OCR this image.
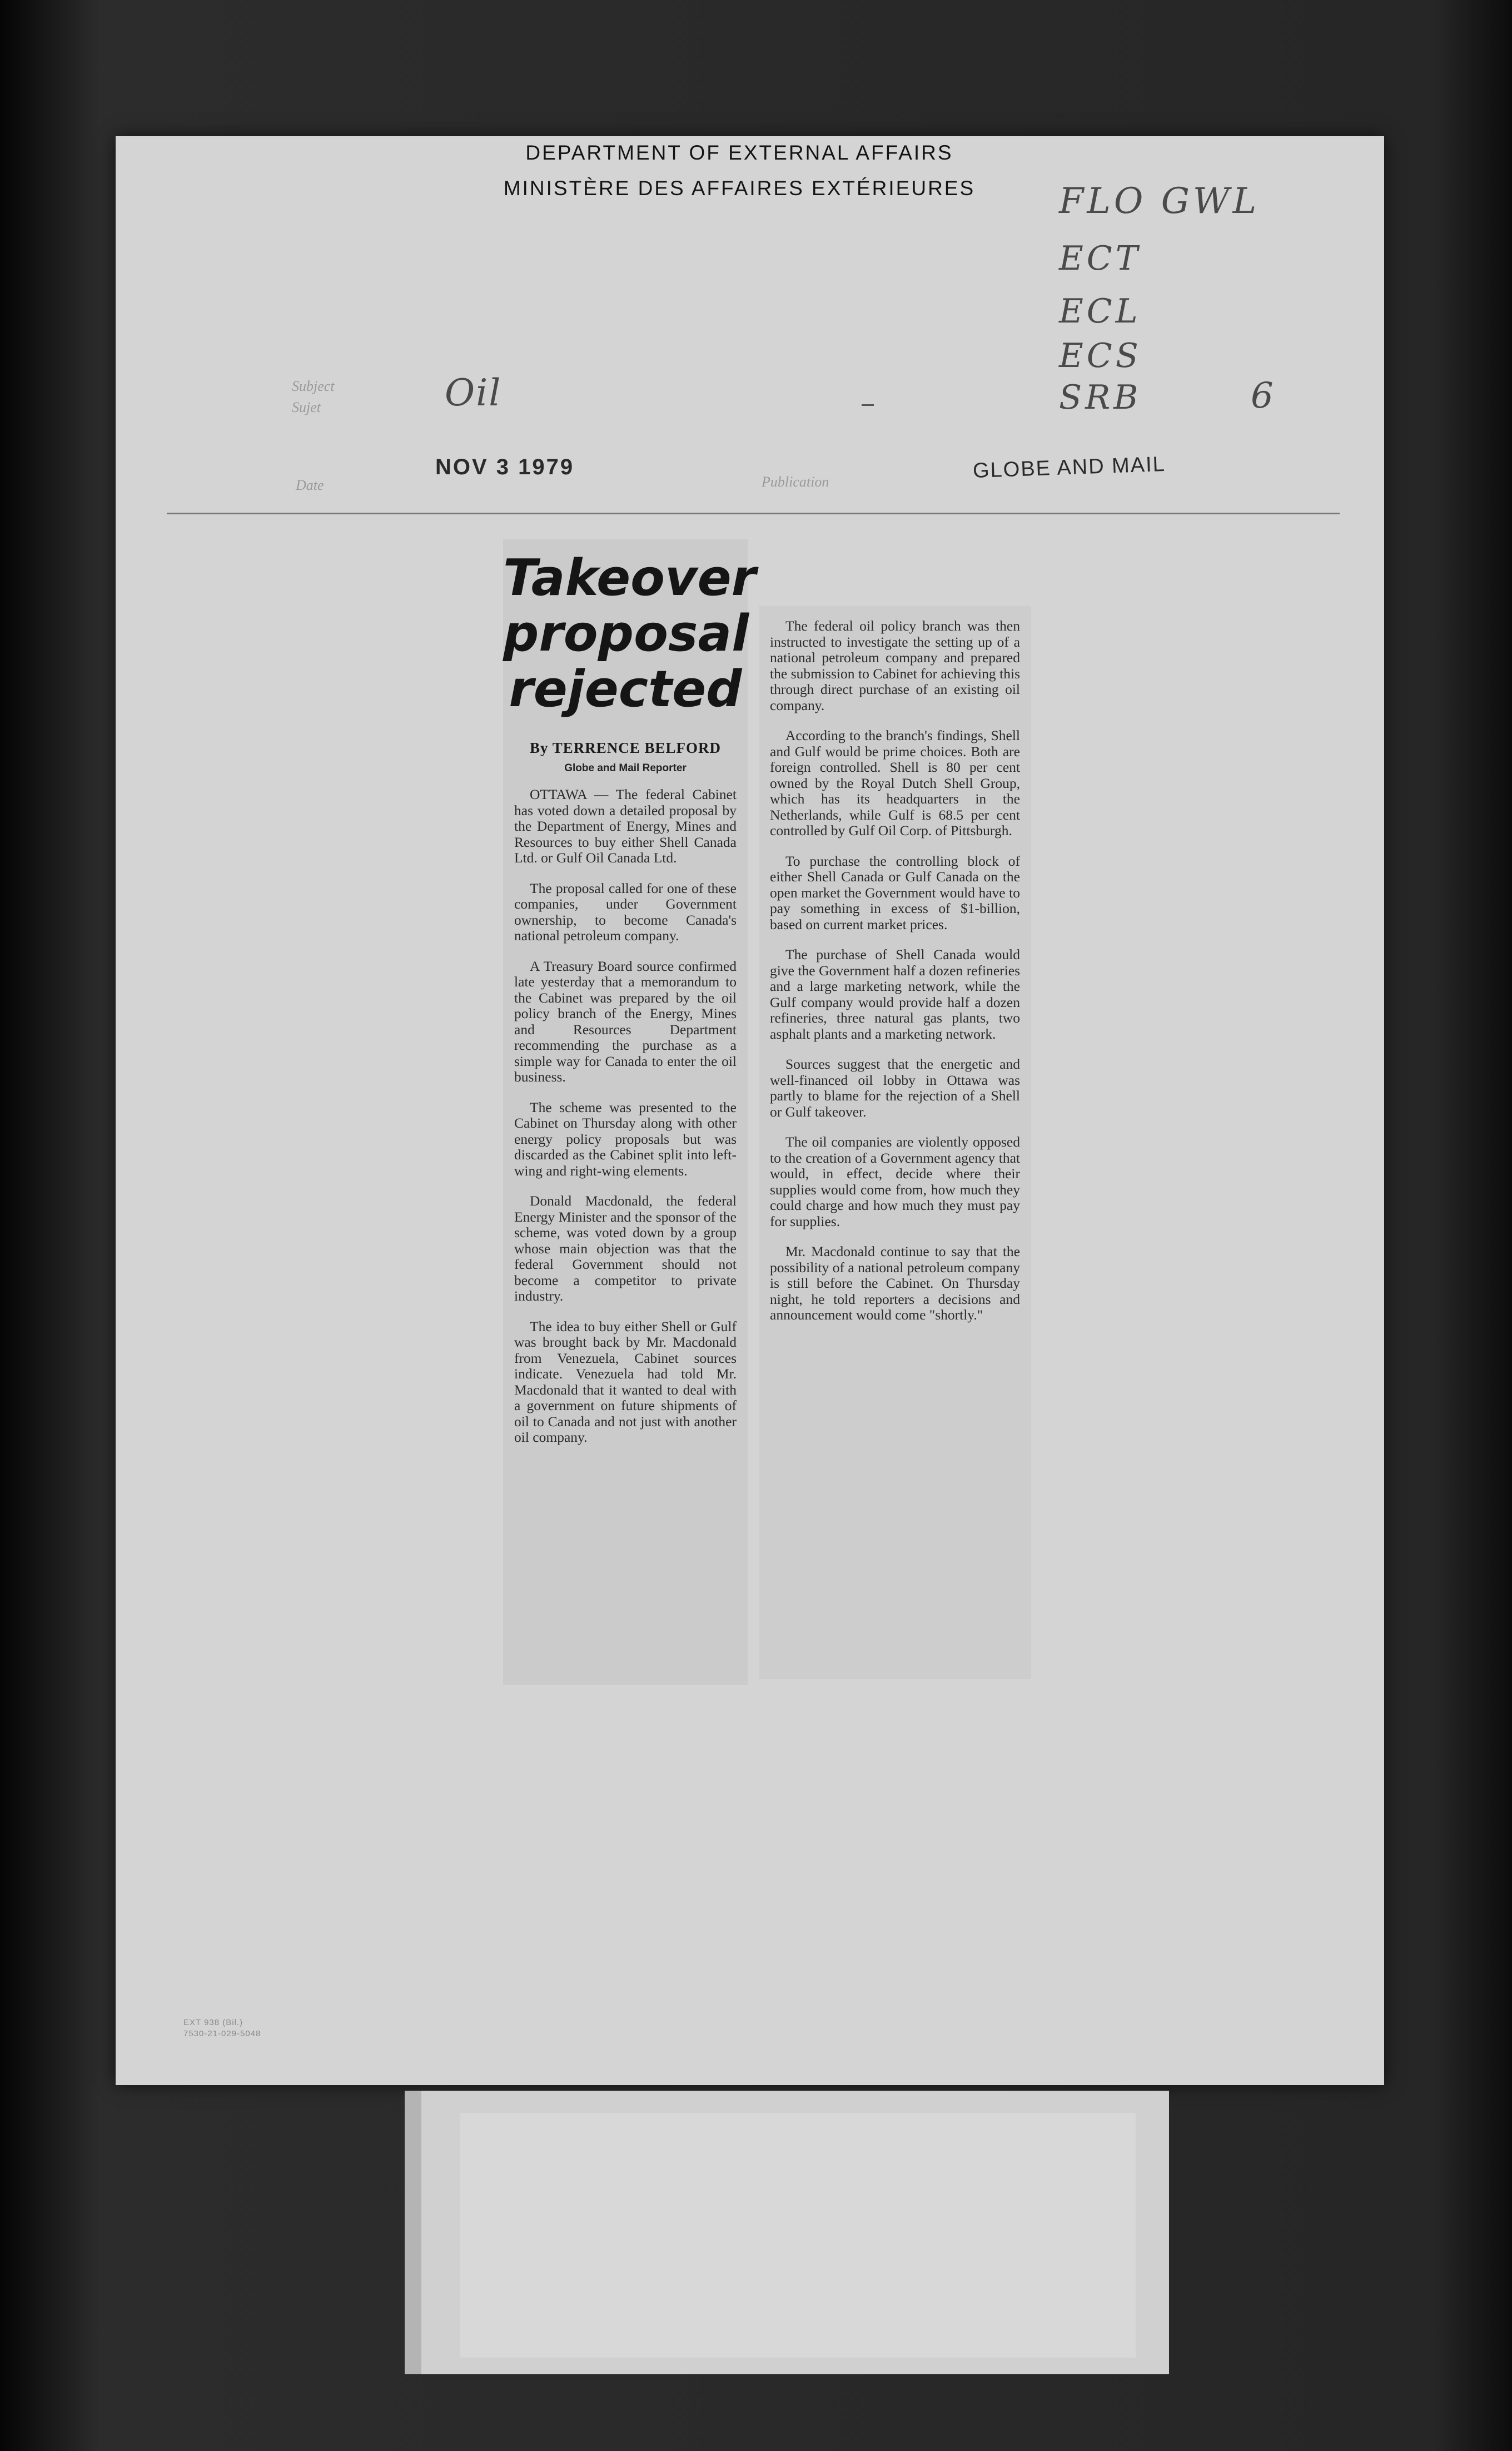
DEPARTMENT OF EXTERNAL AFFAIRS
MINISTÈRE DES AFFAIRES EXTÉRIEURES
Subject
Sujet	Oil
Date
NOV 3 1979
Publication	GLOBE AND MAIL
FLO GWL
ECT
ECL
ECS
SRB	6
Takeover
proposal
rejected
By TERRENCE BELFORD
Globe and Mail Reporter

OTTAWA — The federal Cabinet has voted down a detailed proposal by the Department of Energy, Mines and Resources to buy either Shell Canada Ltd. or Gulf Oil Canada Ltd.

The proposal called for one of these companies, under Government ownership, to become Canada's national petroleum company.

A Treasury Board source confirmed late yesterday that a memorandum to the Cabinet was prepared by the oil policy branch of the Energy, Mines and Resources Department recommending the purchase as a simple way for Canada to enter the oil business.

The scheme was presented to the Cabinet on Thursday along with other energy policy proposals but was discarded as the Cabinet split into left-wing and right-wing elements.

Donald Macdonald, the federal Energy Minister and the sponsor of the scheme, was voted down by a group whose main objection was that the federal Government should not become a competitor to private industry.

The idea to buy either Shell or Gulf was brought back by Mr. Macdonald from Venezuela, Cabinet sources indicate. Venezuela had told Mr. Macdonald that it wanted to deal with a government on future shipments of oil to Canada and not just with another oil company.

The federal oil policy branch was then instructed to investigate the setting up of a national petroleum company and prepared the submission to Cabinet for achieving this through direct purchase of an existing oil company.

According to the branch's findings, Shell and Gulf would be prime choices. Both are foreign controlled. Shell is 80 per cent owned by the Royal Dutch Shell Group, which has its headquarters in the Netherlands, while Gulf is 68.5 per cent controlled by Gulf Oil Corp. of Pittsburgh.

To purchase the controlling block of either Shell Canada or Gulf Canada on the open market the Government would have to pay something in excess of $1-billion, based on current market prices.

The purchase of Shell Canada would give the Government half a dozen refineries and a large marketing network, while the Gulf company would provide half a dozen refineries, three natural gas plants, two asphalt plants and a marketing network.

Sources suggest that the energetic and well-financed oil lobby in Ottawa was partly to blame for the rejection of a Shell or Gulf takeover.

The oil companies are violently opposed to the creation of a Government agency that would, in effect, decide where their supplies would come from, how much they could charge and how much they must pay for supplies.

Mr. Macdonald continue to say that the possibility of a national petroleum company is still before the Cabinet. On Thursday night, he told reporters a decisions and announcement would come "shortly."

EXT 938 (Bil.)
7530-21-029-5048
